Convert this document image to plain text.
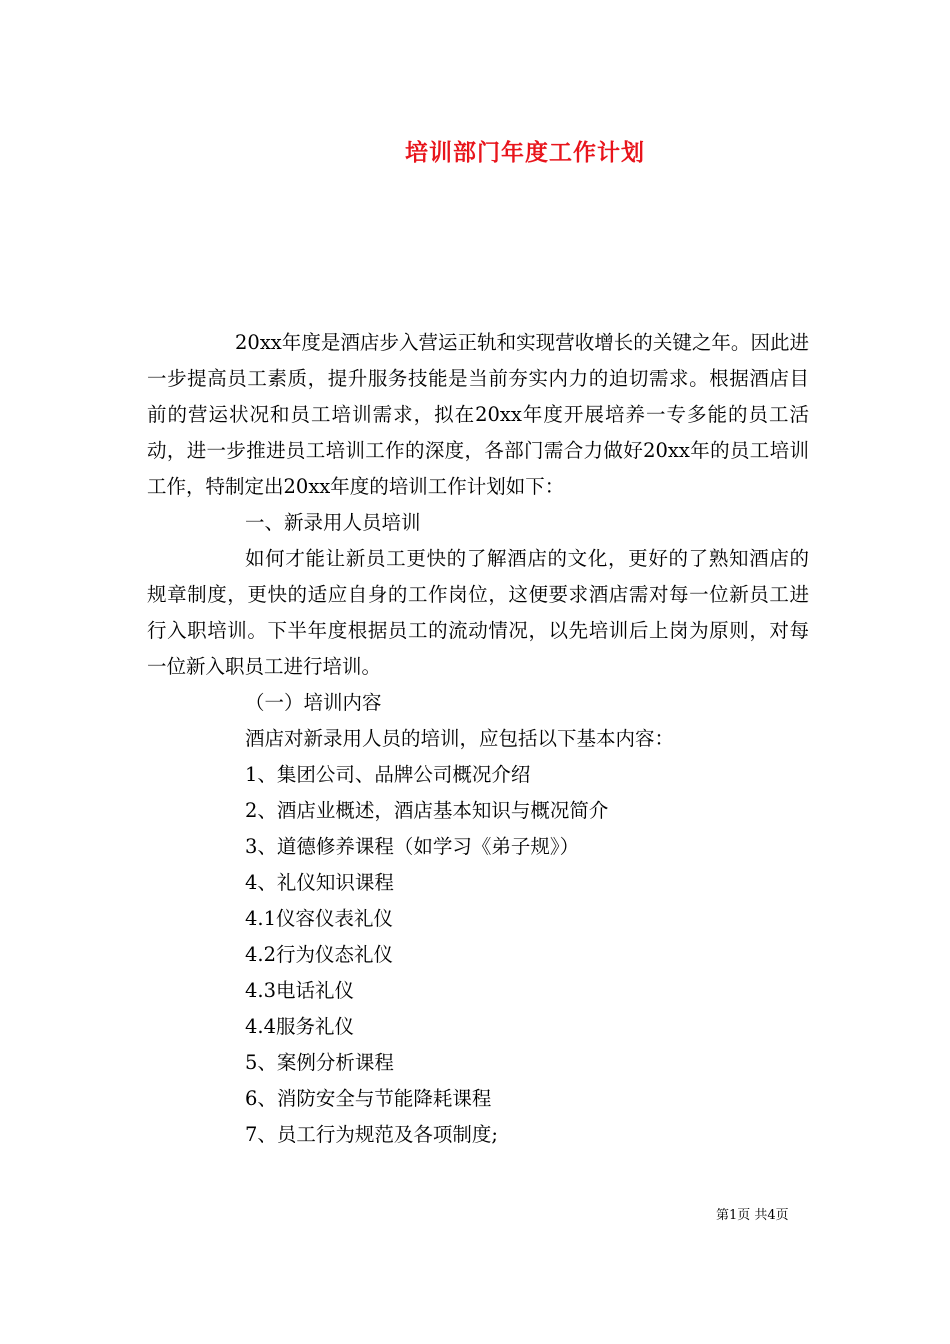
培训部门年度工作计划

20xx年度是酒店步入营运正轨和实现营收增长的关键之年。因此进一步提高员工素质，提升服务技能是当前夯实内力的迫切需求。根据酒店目前的营运状况和员工培训需求，拟在20xx年度开展培养一专多能的员工活动，进一步推进员工培训工作的深度，各部门需合力做好20xx年的员工培训工作，特制定出20xx年度的培训工作计划如下：

一、新录用人员培训

如何才能让新员工更快的了解酒店的文化，更好的了熟知酒店的规章制度，更快的适应自身的工作岗位，这便要求酒店需对每一位新员工进行入职培训。下半年度根据员工的流动情况，以先培训后上岗为原则，对每一位新入职员工进行培训。

（一）培训内容

酒店对新录用人员的培训，应包括以下基本内容：

1、集团公司、品牌公司概况介绍

2、酒店业概述，酒店基本知识与概况简介

3、道德修养课程（如学习《弟子规》）

4、礼仪知识课程

4.1仪容仪表礼仪

4.2行为仪态礼仪

4.3电话礼仪

4.4服务礼仪

5、案例分析课程

6、消防安全与节能降耗课程

7、员工行为规范及各项制度;

第1页 共4页
